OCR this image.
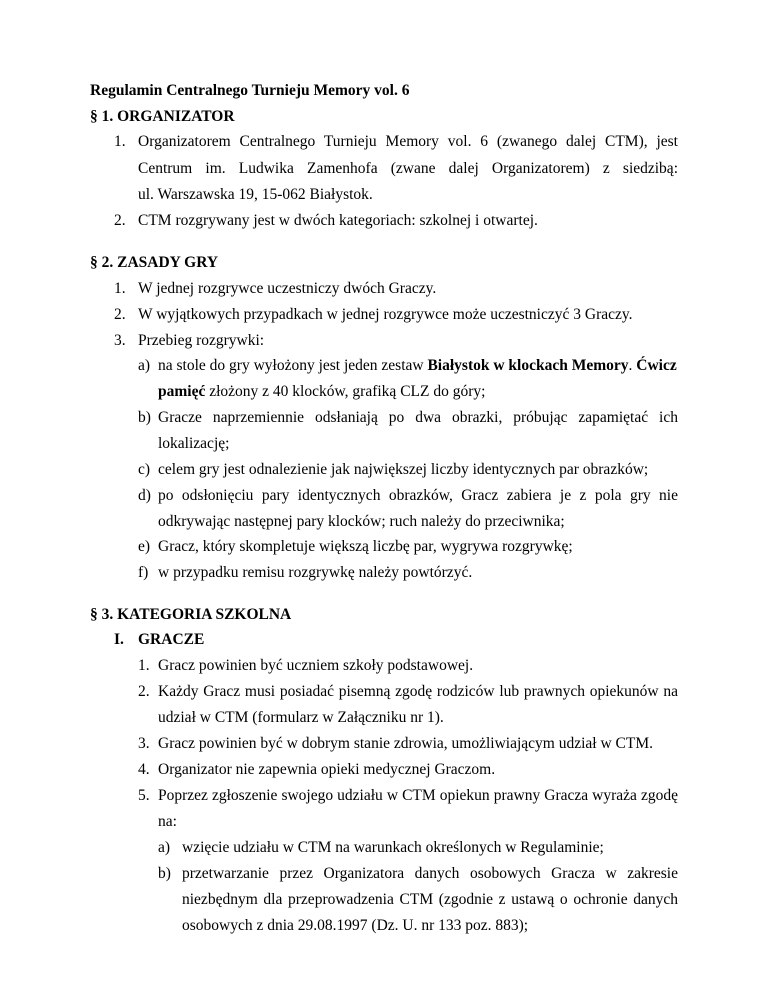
Regulamin Centralnego Turnieju Memory vol. 6
§ 1. ORGANIZATOR
1. Organizatorem Centralnego Turnieju Memory vol. 6 (zwanego dalej CTM), jest
Centrum im. Ludwika Zamenhofa (zwane dalej Organizatorem) z siedzibą:
ul. Warszawska 19, 15-062 Białystok.
2. CTM rozgrywany jest w dwóch kategoriach: szkolnej i otwartej.
§ 2. ZASADY GRY
1. W jednej rozgrywce uczestniczy dwóch Graczy.
2. W wyjątkowych przypadkach w jednej rozgrywce może uczestniczyć 3 Graczy.
3. Przebieg rozgrywki:
a) na stole do gry wyłożony jest jeden zestaw Białystok w klockach Memory. Ćwicz
pamięć złożony z 40 klocków, grafiką CLZ do góry;
b) Gracze naprzemiennie odsłaniają po dwa obrazki, próbując zapamiętać ich
lokalizację;
c) celem gry jest odnalezienie jak największej liczby identycznych par obrazków;
d) po odsłonięciu pary identycznych obrazków, Gracz zabiera je z pola gry nie
odkrywając następnej pary klocków; ruch należy do przeciwnika;
e) Gracz, który skompletuje większą liczbę par, wygrywa rozgrywkę;
f) w przypadku remisu rozgrywkę należy powtórzyć.
§ 3. KATEGORIA SZKOLNA
I. GRACZE
1. Gracz powinien być uczniem szkoły podstawowej.
2. Każdy Gracz musi posiadać pisemną zgodę rodziców lub prawnych opiekunów na
udział w CTM (formularz w Załączniku nr 1).
3. Gracz powinien być w dobrym stanie zdrowia, umożliwiającym udział w CTM.
4. Organizator nie zapewnia opieki medycznej Graczom.
5. Poprzez zgłoszenie swojego udziału w CTM opiekun prawny Gracza wyraża zgodę
na:
a) wzięcie udziału w CTM na warunkach określonych w Regulaminie;
b) przetwarzanie przez Organizatora danych osobowych Gracza w zakresie
niezbędnym dla przeprowadzenia CTM (zgodnie z ustawą o ochronie danych
osobowych z dnia 29.08.1997 (Dz. U. nr 133 poz. 883);
